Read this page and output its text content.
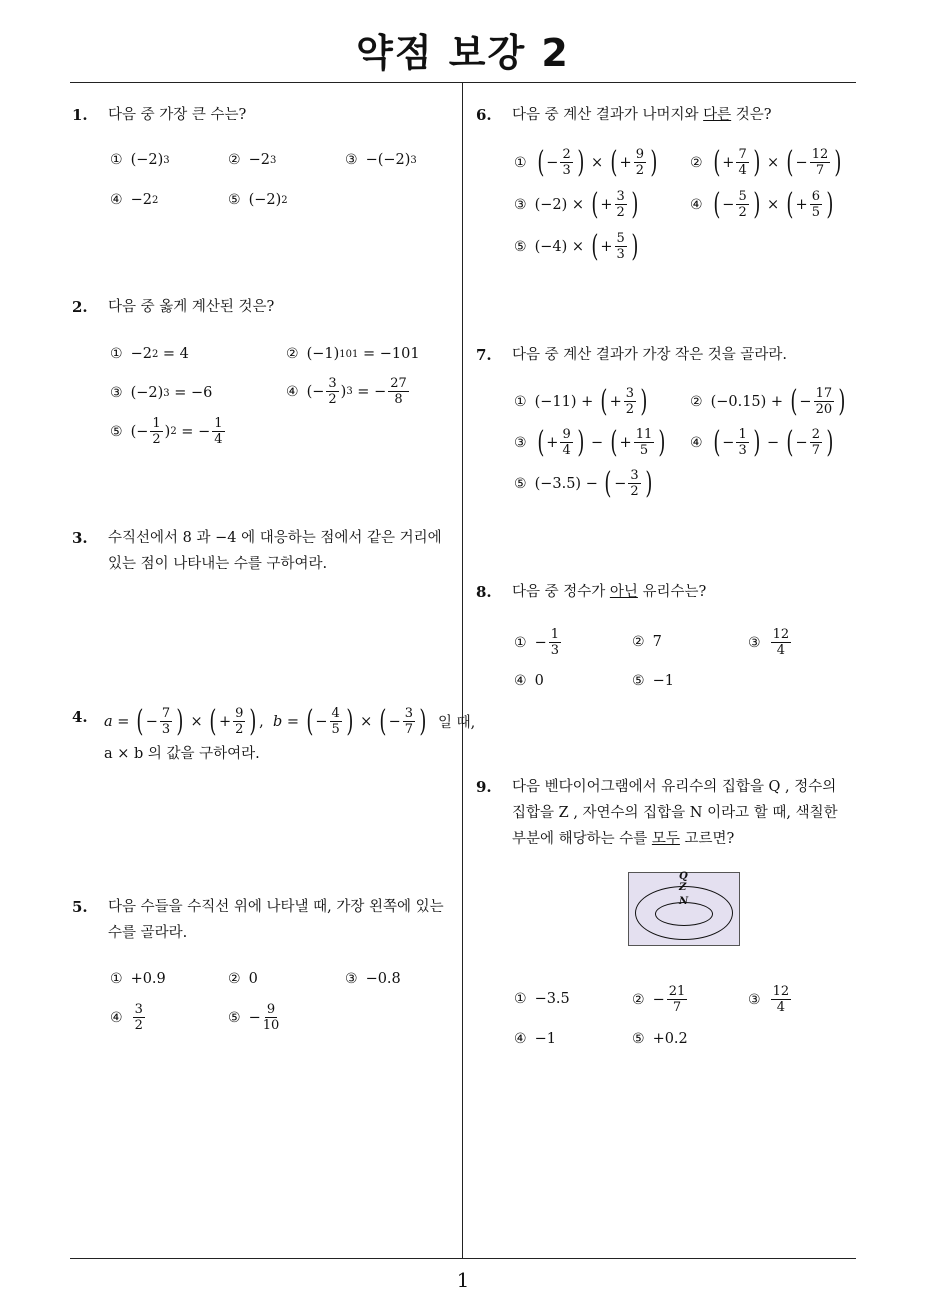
약점 보강 2
1
1. 다음 중 가장 큰 수는?
① (−2) 3	② −2 3	③ −(−2) 3
④ −2 2	⑤ (−2) 2
2. 다음 중 옳게 계산된 것은?
① −2 2 = 4	② (−1) 101 = −101
③ (−2) 3 = −6	④ (− 3
2 ) 3 = − 27
8
⑤ (− 1
2 ) 2 = − 1
4
3. 수직선에서 8 과 −4 에 대응하는 점에서 같은 거리에
있는 점이 나타내는 수를 구하여라.
4. a = ( − 7
3 ) × ( + 9
2 ) , b = ( − 4
5 ) × ( − 3
7 )
일 때,
a × b 의 값을 구하여라.
5. 다음 수들을 수직선 위에 나타낼 때, 가장 왼쪽에 있는
수를 골라라.
① +0.9	② 0	③ −0.8
④ 3
2	⑤ − 9
10
6. 다음 중 계산 결과가 나머지와 다른 것은?
① ( − 2
3 ) × ( + 9
2 ) ② ( + 7
4 ) × ( − 12
7 )
③ (−2) × ( + 3
2 )	④ ( − 5
2 ) × ( + 6
5 )
⑤ (−4) × ( + 5
3 )
7. 다음 중 계산 결과가 가장 작은 것을 골라라.
① (−11) + ( + 3
2 )	② (−0.15) + ( − 17
20 )
③ ( + 9
4 ) − ( + 11
5 ) ④ ( − 1
3 ) − ( − 2
7 )
⑤ (−3.5) − ( − 3
2 )
8. 다음 중 정수가 아닌 유리수는?
① − 1
3
② 7	③ 12
4
④ 0	⑤ −1
9. 다음 벤다이어그램에서 유리수의 집합을 Q , 정수의
집합을 Z , 자연수의 집합을 N 이라고 할 때, 색칠한
부분에 해당하는 수를 모두 고르면?
Q
Z
N
① −3.5	② − 21
7	③ 12
4
④ −1	⑤ +0.2
